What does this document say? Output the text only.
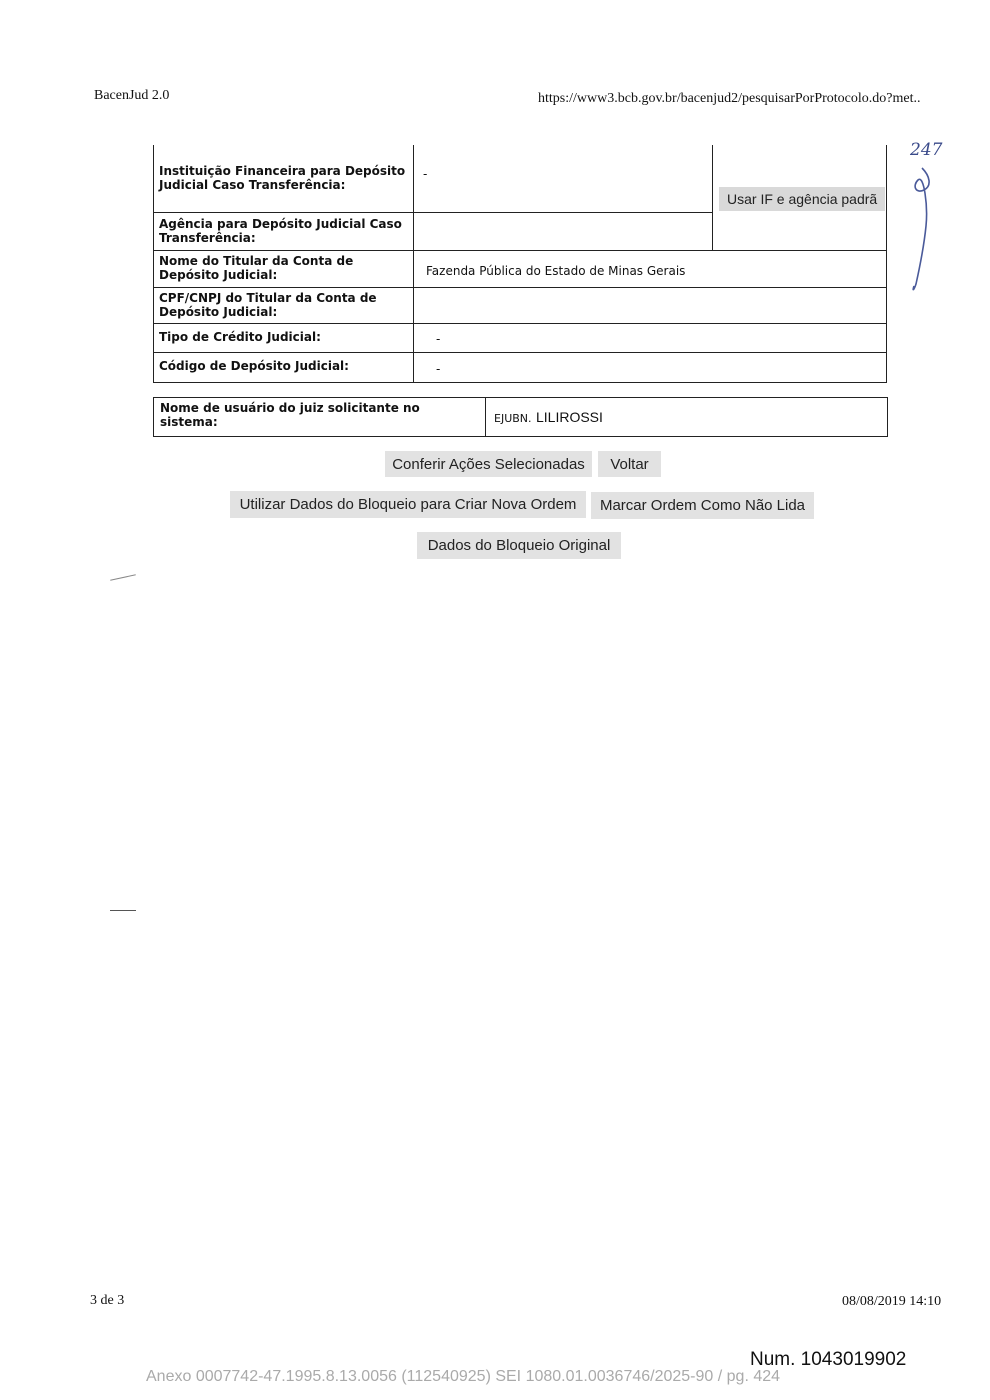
BacenJud 2.0	https://www3.bcb.gov.br/bacenjud2/pesquisarPorProtocolo.do?met..
Instituição Financeira para Depósito Judicial Caso Transferência:
-
Agência para Depósito Judicial Caso Transferência:
Nome do Titular da Conta de Depósito Judicial:	Fazenda Pública do Estado de Minas Gerais
CPF/CNPJ do Titular da Conta de Depósito Judicial:
Tipo de Crédito Judicial:	-
Código de Depósito Judicial:	-
Usar IF e agência padrã
Nome de usuário do juiz solicitante no sistema:	EJUBN. LILIROSSI
Conferir Ações Selecionadas	Voltar
Utilizar Dados do Bloqueio para Criar Nova Ordem	Marcar Ordem Como Não Lida
Dados do Bloqueio Original
247
3 de 3	08/08/2019 14:10
Num. 1043019902
Anexo 0007742-47.1995.8.13.0056 (112540925) SEI 1080.01.0036746/2025-90 / pg. 424
